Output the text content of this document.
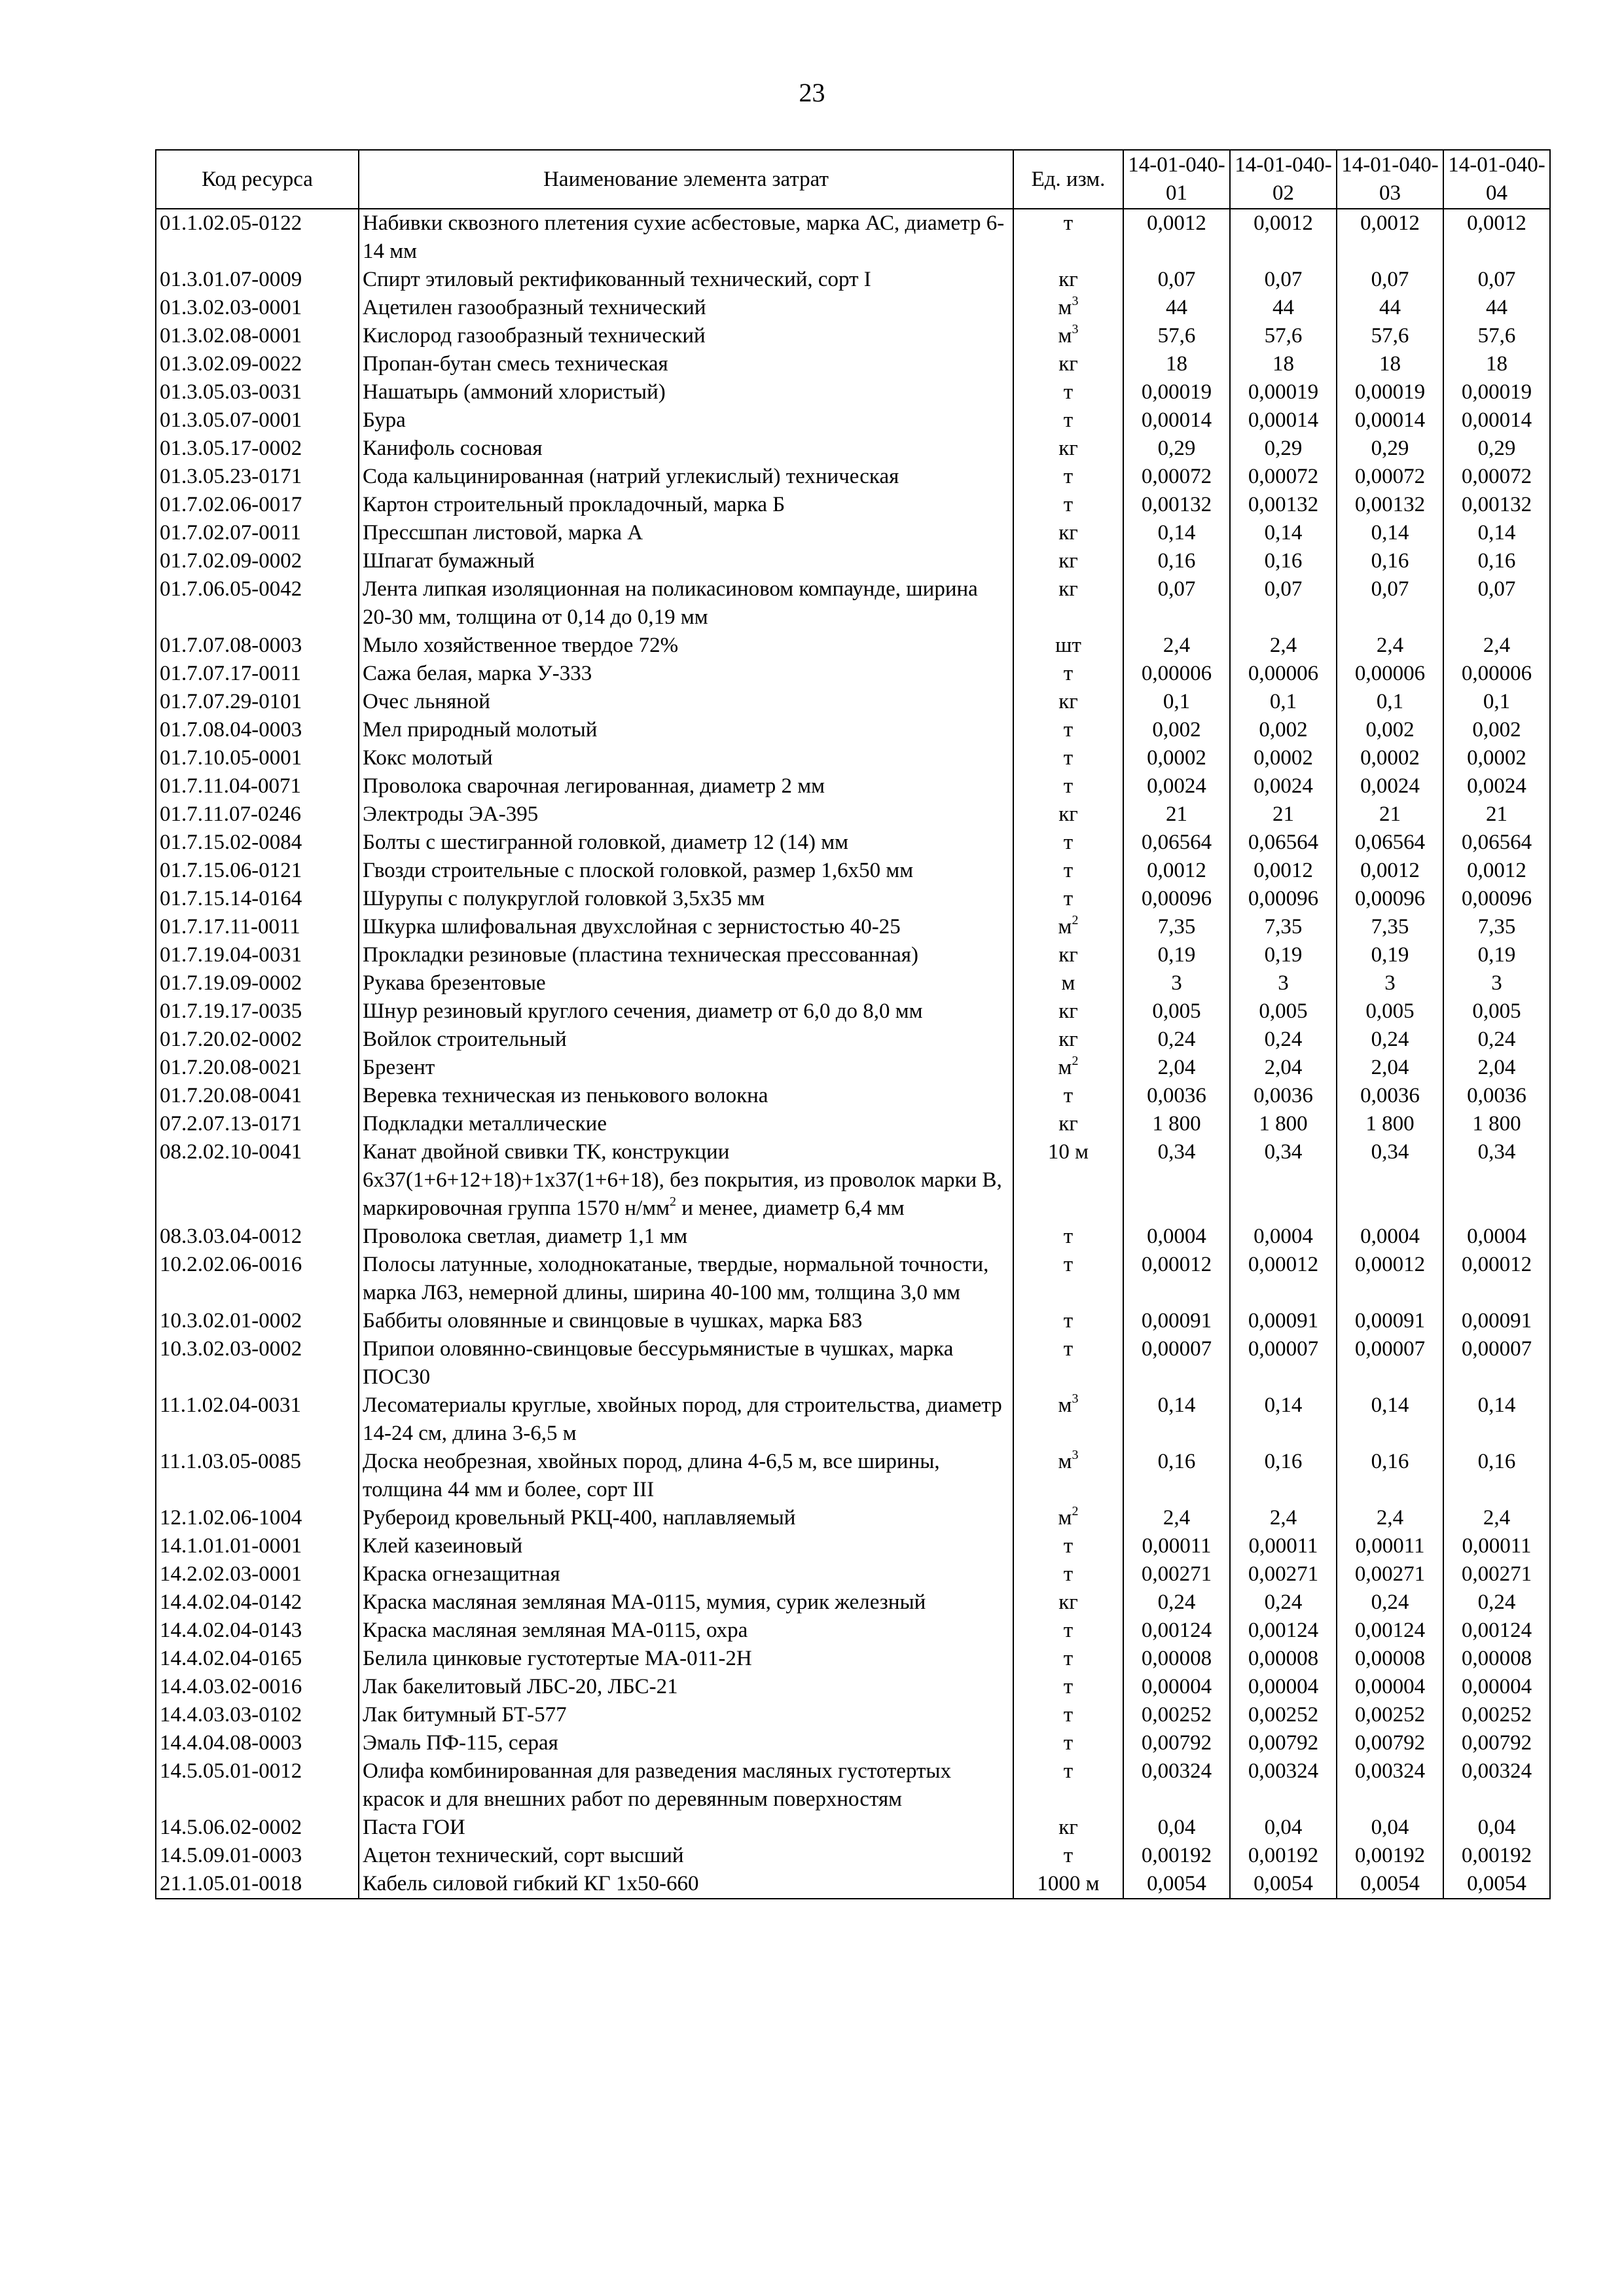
23
Код ресурса	Наименование элемента затрат	Ед. изм.	14-01-040-01	14-01-040-02	14-01-040-03	14-01-040-04
01.1.02.05-0122	Набивки сквозного плетения сухие асбестовые, марка АС, диаметр 6-14 мм	т	0,0012	0,0012	0,0012	0,0012
01.3.01.07-0009	Спирт этиловый ректификованный технический, сорт I	кг	0,07	0,07	0,07	0,07
01.3.02.03-0001	Ацетилен газообразный технический	$м^3$	44	44	44	44
01.3.02.08-0001	Кислород газообразный технический	$м^3$	57,6	57,6	57,6	57,6
01.3.02.09-0022	Пропан-бутан смесь техническая	кг	18	18	18	18
01.3.05.03-0031	Нашатырь (аммоний хлористый)	т	0,00019	0,00019	0,00019	0,00019
01.3.05.07-0001	Бура	т	0,00014	0,00014	0,00014	0,00014
01.3.05.17-0002	Канифоль сосновая	кг	0,29	0,29	0,29	0,29
01.3.05.23-0171	Сода кальцинированная (натрий углекислый) техническая	т	0,00072	0,00072	0,00072	0,00072
01.7.02.06-0017	Картон строительный прокладочный, марка Б	т	0,00132	0,00132	0,00132	0,00132
01.7.02.07-0011	Прессшпан листовой, марка А	кг	0,14	0,14	0,14	0,14
01.7.02.09-0002	Шпагат бумажный	кг	0,16	0,16	0,16	0,16
01.7.06.05-0042	Лента липкая изоляционная на поликасиновом компаунде, ширина 20-30 мм, толщина от 0,14 до 0,19 мм	кг	0,07	0,07	0,07	0,07
01.7.07.08-0003	Мыло хозяйственное твердое 72%	шт	2,4	2,4	2,4	2,4
01.7.07.17-0011	Сажа белая, марка У-333	т	0,00006	0,00006	0,00006	0,00006
01.7.07.29-0101	Очес льняной	кг	0,1	0,1	0,1	0,1
01.7.08.04-0003	Мел природный молотый	т	0,002	0,002	0,002	0,002
01.7.10.05-0001	Кокс молотый	т	0,0002	0,0002	0,0002	0,0002
01.7.11.04-0071	Проволока сварочная легированная, диаметр 2 мм	т	0,0024	0,0024	0,0024	0,0024
01.7.11.07-0246	Электроды ЭА-395	кг	21	21	21	21
01.7.15.02-0084	Болты с шестигранной головкой, диаметр 12 (14) мм	т	0,06564	0,06564	0,06564	0,06564
01.7.15.06-0121	Гвозди строительные с плоской головкой, размер 1,6х50 мм	т	0,0012	0,0012	0,0012	0,0012
01.7.15.14-0164	Шурупы с полукруглой головкой 3,5х35 мм	т	0,00096	0,00096	0,00096	0,00096
01.7.17.11-0011	Шкурка шлифовальная двухслойная с зернистостью 40-25	$м^2$	7,35	7,35	7,35	7,35
01.7.19.04-0031	Прокладки резиновые (пластина техническая прессованная)	кг	0,19	0,19	0,19	0,19
01.7.19.09-0002	Рукава брезентовые	м	3	3	3	3
01.7.19.17-0035	Шнур резиновый круглого сечения, диаметр от 6,0 до 8,0 мм	кг	0,005	0,005	0,005	0,005
01.7.20.02-0002	Войлок строительный	кг	0,24	0,24	0,24	0,24
01.7.20.08-0021	Брезент	$м^2$	2,04	2,04	2,04	2,04
01.7.20.08-0041	Веревка техническая из пенькового волокна	т	0,0036	0,0036	0,0036	0,0036
07.2.07.13-0171	Подкладки металлические	кг	1 800	1 800	1 800	1 800
08.2.02.10-0041	Канат двойной свивки ТК, конструкции 6х37(1+6+12+18)+1х37(1+6+18), без покрытия, из проволок марки В, маркировочная группа 1570 $н/мм^2$ и менее, диаметр 6,4 мм	10 м	0,34	0,34	0,34	0,34
08.3.03.04-0012	Проволока светлая, диаметр 1,1 мм	т	0,0004	0,0004	0,0004	0,0004
10.2.02.06-0016	Полосы латунные, холоднокатаные, твердые, нормальной точности, марка Л63, немерной длины, ширина 40-100 мм, толщина 3,0 мм	т	0,00012	0,00012	0,00012	0,00012
10.3.02.01-0002	Баббиты оловянные и свинцовые в чушках, марка Б83	т	0,00091	0,00091	0,00091	0,00091
10.3.02.03-0002	Припои оловянно-свинцовые бессурьмянистые в чушках, марка ПОС30	т	0,00007	0,00007	0,00007	0,00007
11.1.02.04-0031	Лесоматериалы круглые, хвойных пород, для строительства, диаметр 14-24 см, длина 3-6,5 м	$м^3$	0,14	0,14	0,14	0,14
11.1.03.05-0085	Доска необрезная, хвойных пород, длина 4-6,5 м, все ширины, толщина 44 мм и более, сорт III	$м^3$	0,16	0,16	0,16	0,16
12.1.02.06-1004	Рубероид кровельный РКЦ-400, наплавляемый	$м^2$	2,4	2,4	2,4	2,4
14.1.01.01-0001	Клей казеиновый	т	0,00011	0,00011	0,00011	0,00011
14.2.02.03-0001	Краска огнезащитная	т	0,00271	0,00271	0,00271	0,00271
14.4.02.04-0142	Краска масляная земляная МА-0115, мумия, сурик железный	кг	0,24	0,24	0,24	0,24
14.4.02.04-0143	Краска масляная земляная МА-0115, охра	т	0,00124	0,00124	0,00124	0,00124
14.4.02.04-0165	Белила цинковые густотертые МА-011-2Н	т	0,00008	0,00008	0,00008	0,00008
14.4.03.02-0016	Лак бакелитовый ЛБС-20, ЛБС-21	т	0,00004	0,00004	0,00004	0,00004
14.4.03.03-0102	Лак битумный БТ-577	т	0,00252	0,00252	0,00252	0,00252
14.4.04.08-0003	Эмаль ПФ-115, серая	т	0,00792	0,00792	0,00792	0,00792
14.5.05.01-0012	Олифа комбинированная для разведения масляных густотертых красок и для внешних работ по деревянным поверхностям	т	0,00324	0,00324	0,00324	0,00324
14.5.06.02-0002	Паста ГОИ	кг	0,04	0,04	0,04	0,04
14.5.09.01-0003	Ацетон технический, сорт высший	т	0,00192	0,00192	0,00192	0,00192
21.1.05.01-0018	Кабель силовой гибкий КГ 1х50-660	1000 м	0,0054	0,0054	0,0054	0,0054
